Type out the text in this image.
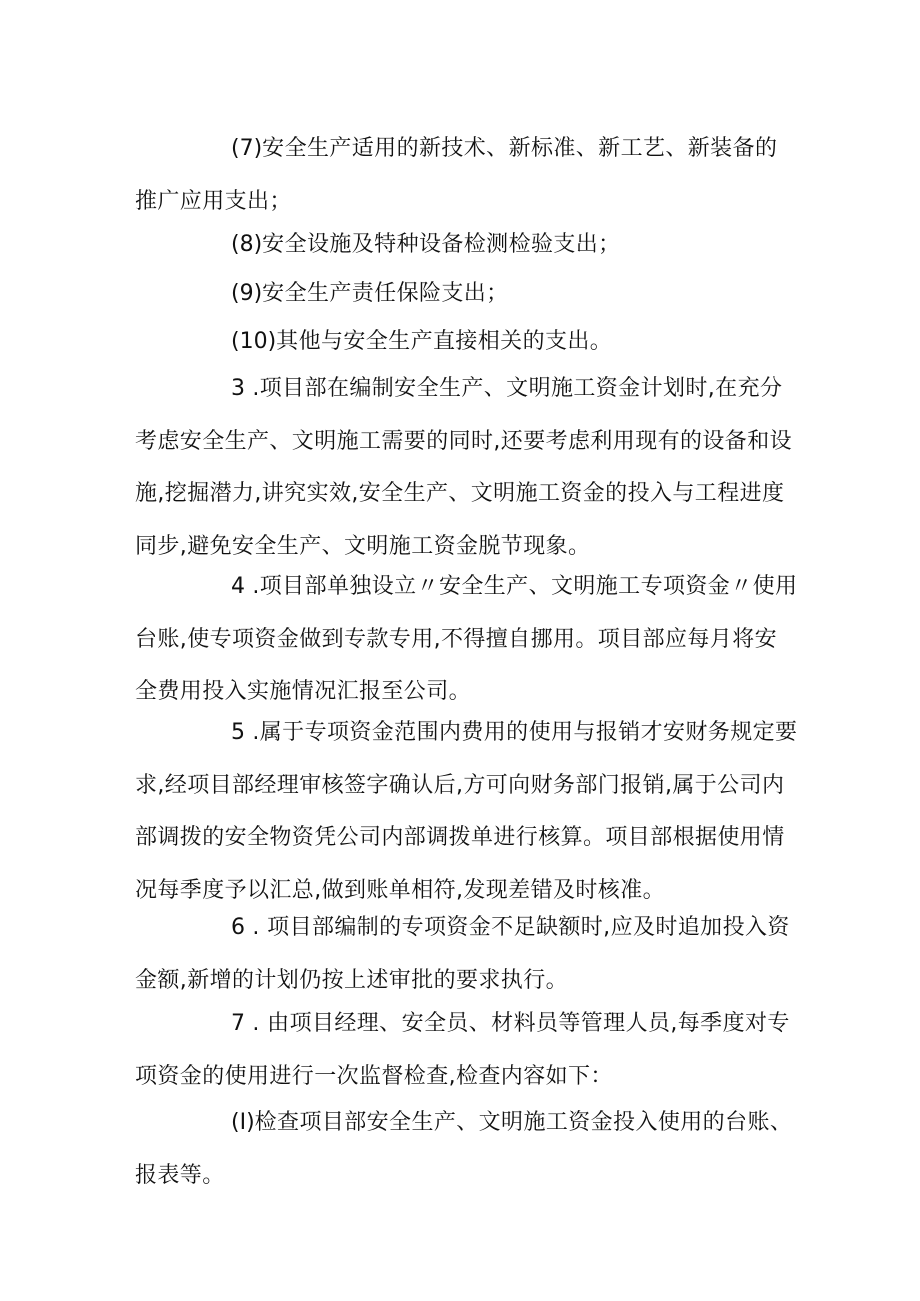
(7)安全生产适用的新技术、新标准、新工艺、新装备的推广应用支出；

(8)安全设施及特种设备检测检验支出；

(9)安全生产责任保险支出；

(10)其他与安全生产直接相关的支出。

3 .项目部在编制安全生产、文明施工资金计划时,在充分考虑安全生产、文明施工需要的同时,还要考虑利用现有的设备和设施,挖掘潜力,讲究实效,安全生产、文明施工资金的投入与工程进度同步,避免安全生产、文明施工资金脱节现象。

4 .项目部单独设立〃安全生产、文明施工专项资金〃使用台账,使专项资金做到专款专用,不得擅自挪用。项目部应每月将安全费用投入实施情况汇报至公司。

5 .属于专项资金范围内费用的使用与报销才安财务规定要求,经项目部经理审核签字确认后,方可向财务部门报销,属于公司内部调拨的安全物资凭公司内部调拨单进行核算。项目部根据使用情况每季度予以汇总,做到账单相符,发现差错及时核准。

6 . 项目部编制的专项资金不足缺额时,应及时追加投入资金额,新增的计划仍按上述审批的要求执行。

7 . 由项目经理、安全员、材料员等管理人员,每季度对专项资金的使用进行一次监督检查,检查内容如下：

(I)检查项目部安全生产、文明施工资金投入使用的台账、报表等。
